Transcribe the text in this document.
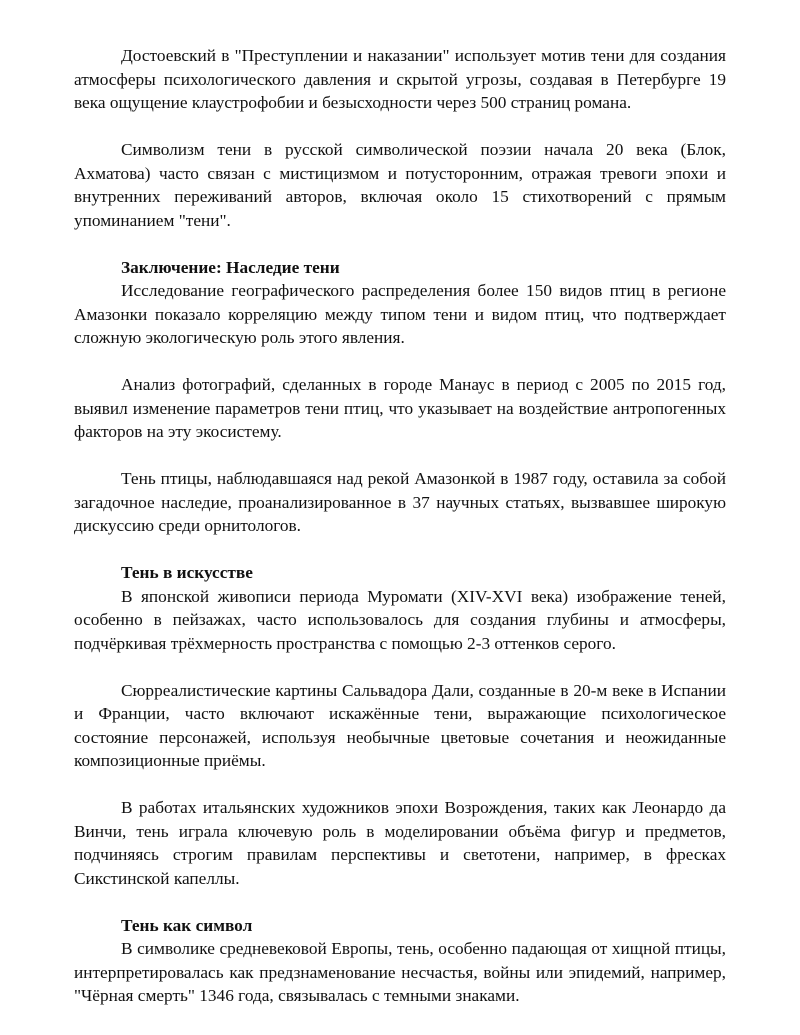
Достоевский в "Преступлении и наказании" использует мотив тени для создания атмосферы психологического давления и скрытой угрозы, создавая в Петербурге 19 века ощущение клаустрофобии и безысходности через 500 страниц романа.

Символизм тени в русской символической поэзии начала 20 века (Блок, Ахматова) часто связан с мистицизмом и потусторонним, отражая тревоги эпохи и внутренних переживаний авторов, включая около 15 стихотворений с прямым упоминанием "тени".

Заключение: Наследие тени

Исследование географического распределения более 150 видов птиц в регионе Амазонки показало корреляцию между типом тени и видом птиц, что подтверждает сложную экологическую роль этого явления.

Анализ фотографий, сделанных в городе Манаус в период с 2005 по 2015 год, выявил изменение параметров тени птиц, что указывает на воздействие антропогенных факторов на эту экосистему.

Тень птицы, наблюдавшаяся над рекой Амазонкой в 1987 году, оставила за собой загадочное наследие, проанализированное в 37 научных статьях, вызвавшее широкую дискуссию среди орнитологов.

Тень в искусстве

В японской живописи периода Муромати (XIV-XVI века) изображение теней, особенно в пейзажах, часто использовалось для создания глубины и атмосферы, подчёркивая трёхмерность пространства с помощью 2-3 оттенков серого.

Сюрреалистические картины Сальвадора Дали, созданные в 20-м веке в Испании и Франции, часто включают искажённые тени, выражающие психологическое состояние персонажей, используя необычные цветовые сочетания и неожиданные композиционные приёмы.

В работах итальянских художников эпохи Возрождения, таких как Леонардо да Винчи, тень играла ключевую роль в моделировании объёма фигур и предметов, подчиняясь строгим правилам перспективы и светотени, например, в фресках Сикстинской капеллы.

Тень как символ

В символике средневековой Европы, тень, особенно падающая от хищной птицы, интерпретировалась как предзнаменование несчастья, войны или эпидемий, например, "Чёрная смерть" 1346 года, связывалась с темными знаками.
